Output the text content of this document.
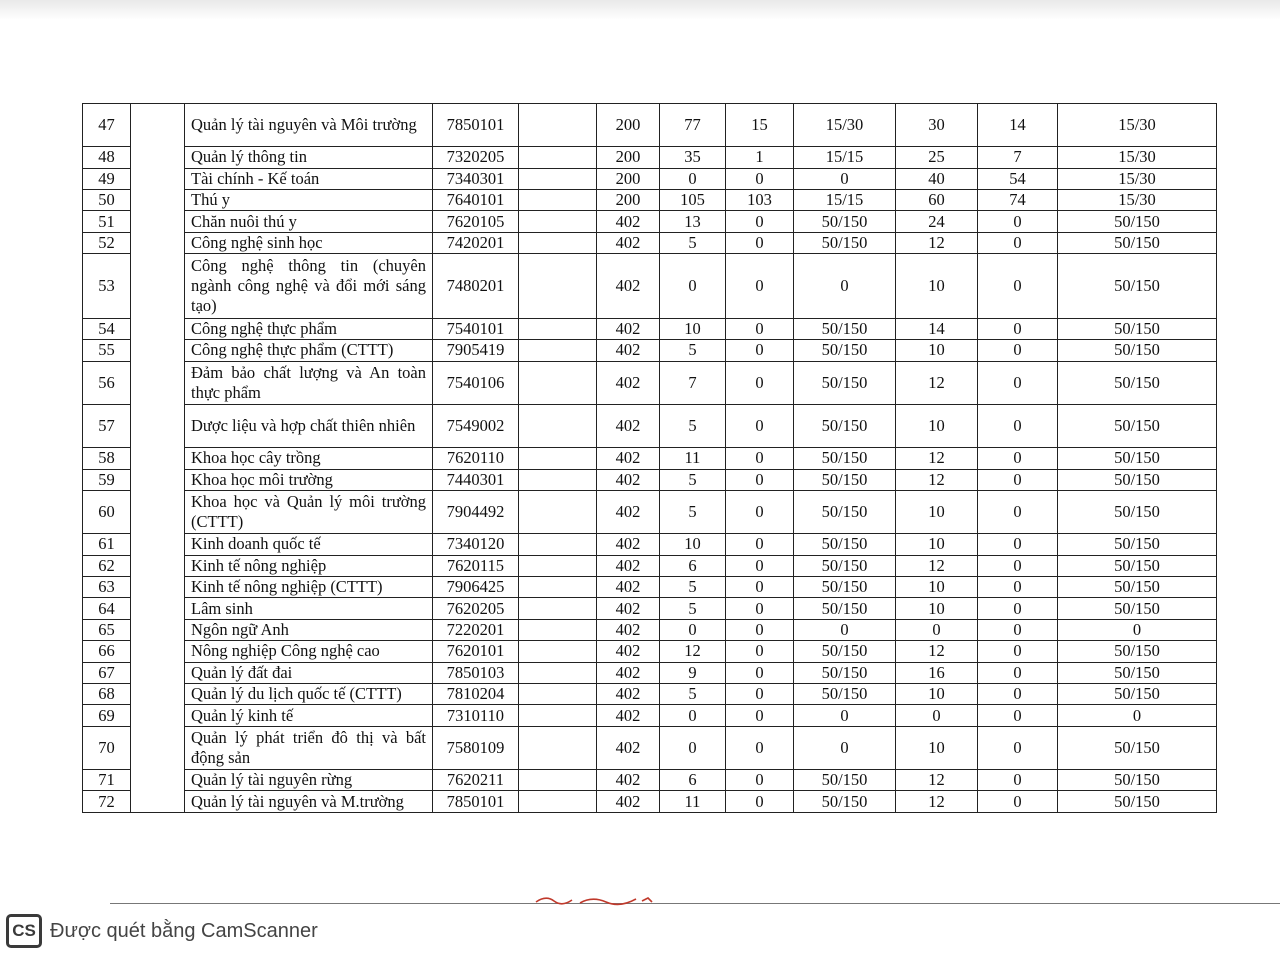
47		Quản lý tài nguyên và Môi trường	7850101		200	77	15	15/30	30	14	15/30
48		Quản lý thông tin	7320205		200	35	1	15/15	25	7	15/30
49		Tài chính - Kế toán	7340301		200	0	0	0	40	54	15/30
50		Thú y	7640101		200	105	103	15/15	60	74	15/30
51		Chăn nuôi thú y	7620105		402	13	0	50/150	24	0	50/150
52		Công nghệ sinh học	7420201		402	5	0	50/150	12	0	50/150
53		Công nghệ thông tin (chuyên ngành công nghệ và đổi mới sáng tạo)	7480201		402	0	0	0	10	0	50/150
54		Công nghệ thực phẩm	7540101		402	10	0	50/150	14	0	50/150
55		Công nghệ thực phẩm (CTTT)	7905419		402	5	0	50/150	10	0	50/150
56		Đảm bảo chất lượng và An toàn thực phẩm	7540106		402	7	0	50/150	12	0	50/150
57		Dược liệu và hợp chất thiên nhiên	7549002		402	5	0	50/150	10	0	50/150
58		Khoa học cây trồng	7620110		402	11	0	50/150	12	0	50/150
59		Khoa học môi trường	7440301		402	5	0	50/150	12	0	50/150
60		Khoa học và Quản lý môi trường (CTTT)	7904492		402	5	0	50/150	10	0	50/150
61		Kinh doanh quốc tế	7340120		402	10	0	50/150	10	0	50/150
62		Kinh tế nông nghiệp	7620115		402	6	0	50/150	12	0	50/150
63		Kinh tế nông nghiệp (CTTT)	7906425		402	5	0	50/150	10	0	50/150
64		Lâm sinh	7620205		402	5	0	50/150	10	0	50/150
65		Ngôn ngữ Anh	7220201		402	0	0	0	0	0	0
66		Nông nghiệp Công nghệ cao	7620101		402	12	0	50/150	12	0	50/150
67		Quản lý đất đai	7850103		402	9	0	50/150	16	0	50/150
68		Quản lý du lịch quốc tế (CTTT)	7810204		402	5	0	50/150	10	0	50/150
69		Quản lý kinh tế	7310110		402	0	0	0	0	0	0
70		Quản lý phát triển đô thị và bất động sản	7580109		402	0	0	0	10	0	50/150
71		Quản lý tài nguyên rừng	7620211		402	6	0	50/150	12	0	50/150
72		Quản lý tài nguyên và M.trường	7850101		402	11	0	50/150	12	0	50/150
CS Được quét bằng CamScanner
